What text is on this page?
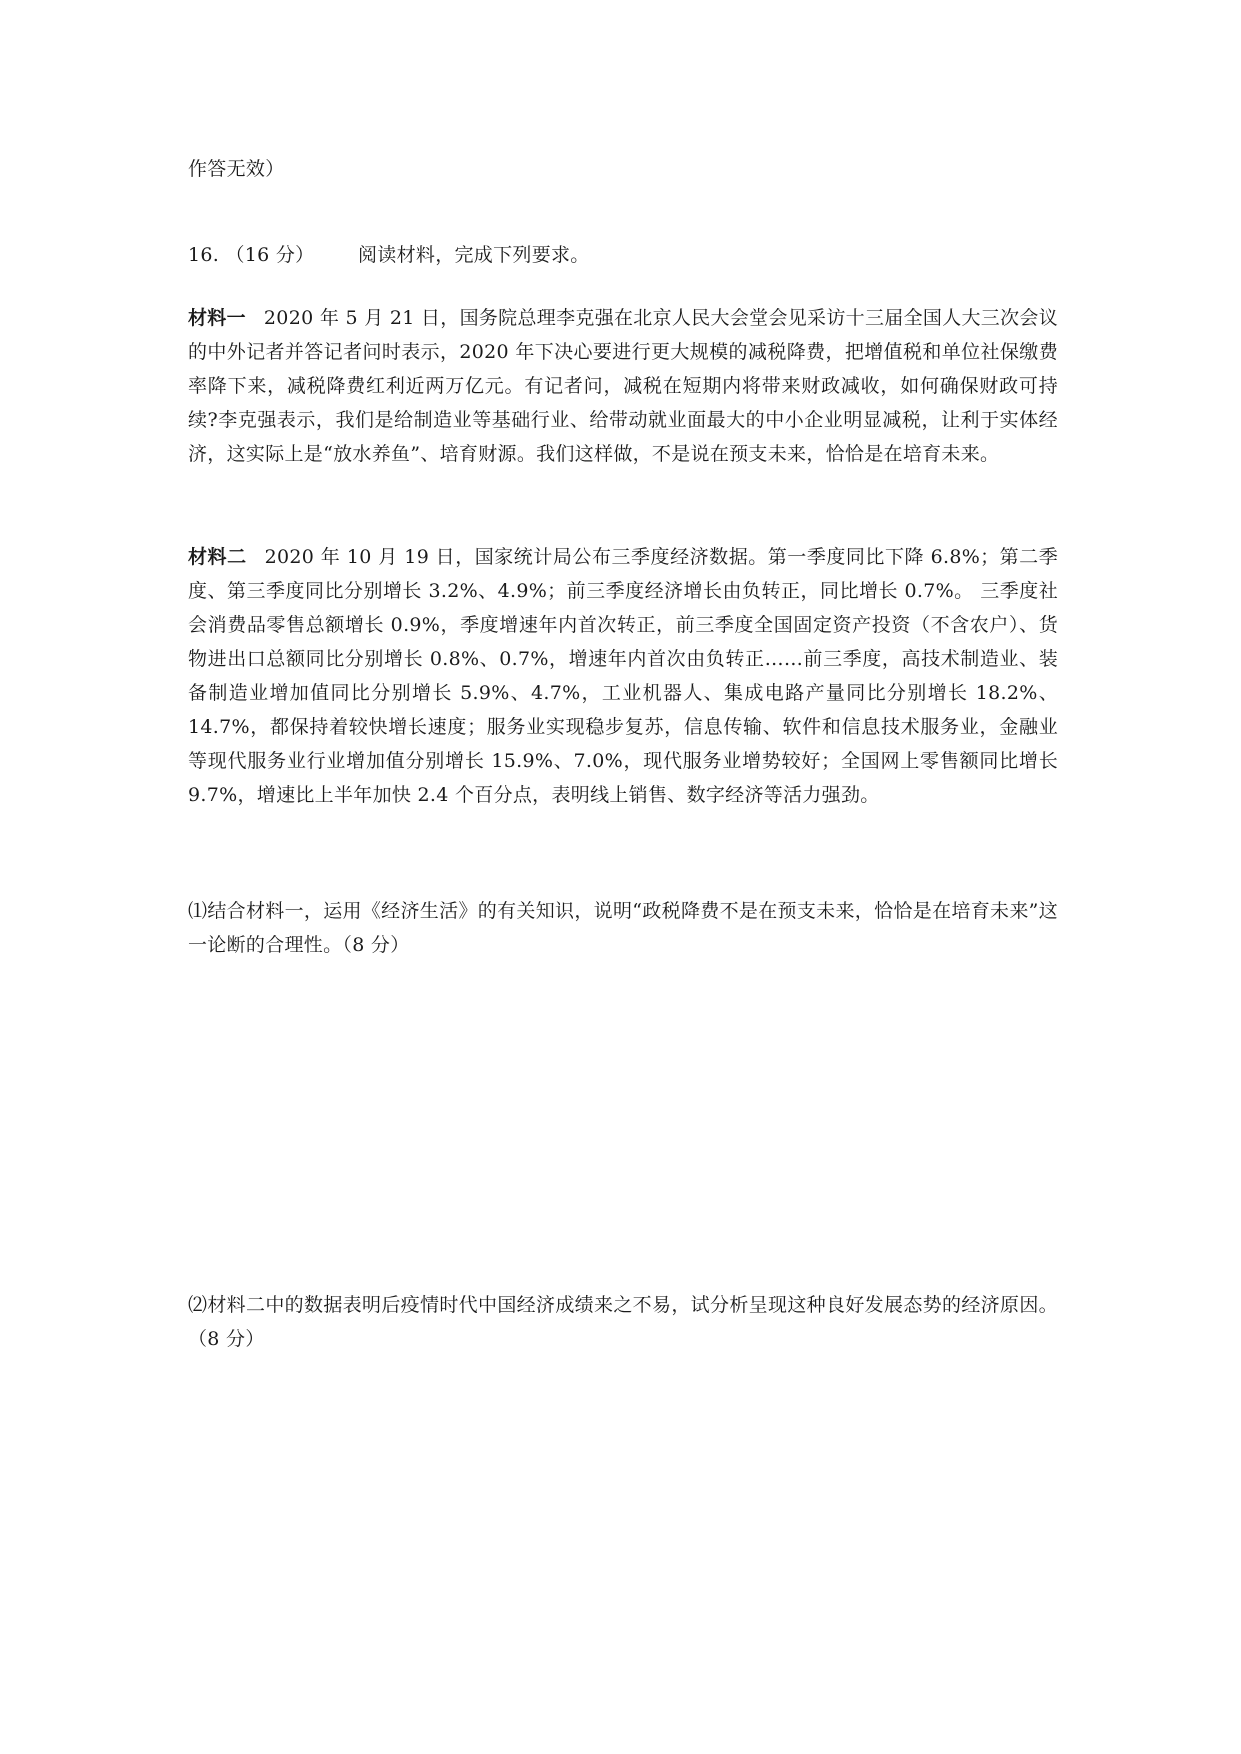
作答无效）
16. （16 分） 阅读材料，完成下列要求。
材料一 2020 年 5 月 21 日，国务院总理李克强在北京人民大会堂会见采访十三届全国人大三次会议的中外记者并答记者问时表示，2020 年下决心要进行更大规模的减税降费，把增值税和单位社保缴费率降下来，减税降费红利近两万亿元。有记者问，减税在短期内将带来财政减收，如何确保财政可持续?李克强表示，我们是给制造业等基础行业、给带动就业面最大的中小企业明显减税，让利于实体经济，这实际上是“放水养鱼”、培育财源。我们这样做，不是说在预支未来，恰恰是在培育未来。
材料二 2020 年 10 月 19 日，国家统计局公布三季度经济数据。第一季度同比下降 6.8%；第二季度、第三季度同比分别增长 3.2%、4.9%；前三季度经济增长由负转正，同比增长 0.7%。 三季度社会消费品零售总额增长 0.9%，季度增速年内首次转正，前三季度全国固定资产投资（不含农户）、货物进出口总额同比分别增长 0.8%、0.7%，增速年内首次由负转正……前三季度，高技术制造业、装备制造业增加值同比分别增长 5.9%、4.7%，工业机器人、集成电路产量同比分别增长 18.2%、14.7%，都保持着较快增长速度；服务业实现稳步复苏，信息传输、软件和信息技术服务业，金融业等现代服务业行业增加值分别增长 15.9%、7.0%，现代服务业增势较好；全国网上零售额同比增长 9.7%，增速比上半年加快 2.4 个百分点，表明线上销售、数字经济等活力强劲。
⑴结合材料一，运用《经济生活》的有关知识，说明“政税降费不是在预支未来，恰恰是在培育未来”这一论断的合理性。（8 分）
⑵材料二中的数据表明后疫情时代中国经济成绩来之不易，试分析呈现这种良好发展态势的经济原因。（8 分）
